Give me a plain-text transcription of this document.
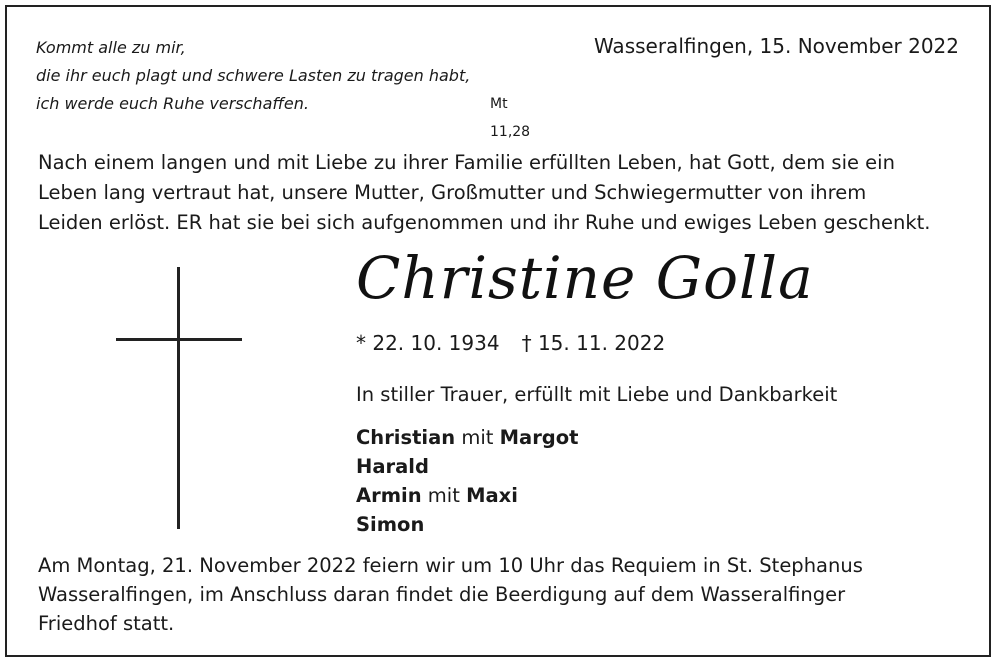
Kommt alle zu mir,
die ihr euch plagt und schwere Lasten zu tragen habt,
ich werde euch Ruhe verschaffen.	Mt 11,28
Wasseralfingen, 15. November 2022
Nach einem langen und mit Liebe zu ihrer Familie erfüllten Leben, hat Gott, dem sie ein
Leben lang vertraut hat, unsere Mutter, Großmutter und Schwiegermutter von ihrem
Leiden erlöst. ER hat sie bei sich aufgenommen und ihr Ruhe und ewiges Leben geschenkt.
Christine Golla
* 22. 10. 1934 † 15. 11. 2022
In stiller Trauer, erfüllt mit Liebe und Dankbarkeit
Christian mit Margot
Harald
Armin mit Maxi
Simon
Am Montag, 21. November 2022 feiern wir um 10 Uhr das Requiem in St. Stephanus
Wasseralfingen, im Anschluss daran findet die Beerdigung auf dem Wasseralfinger
Friedhof statt.
